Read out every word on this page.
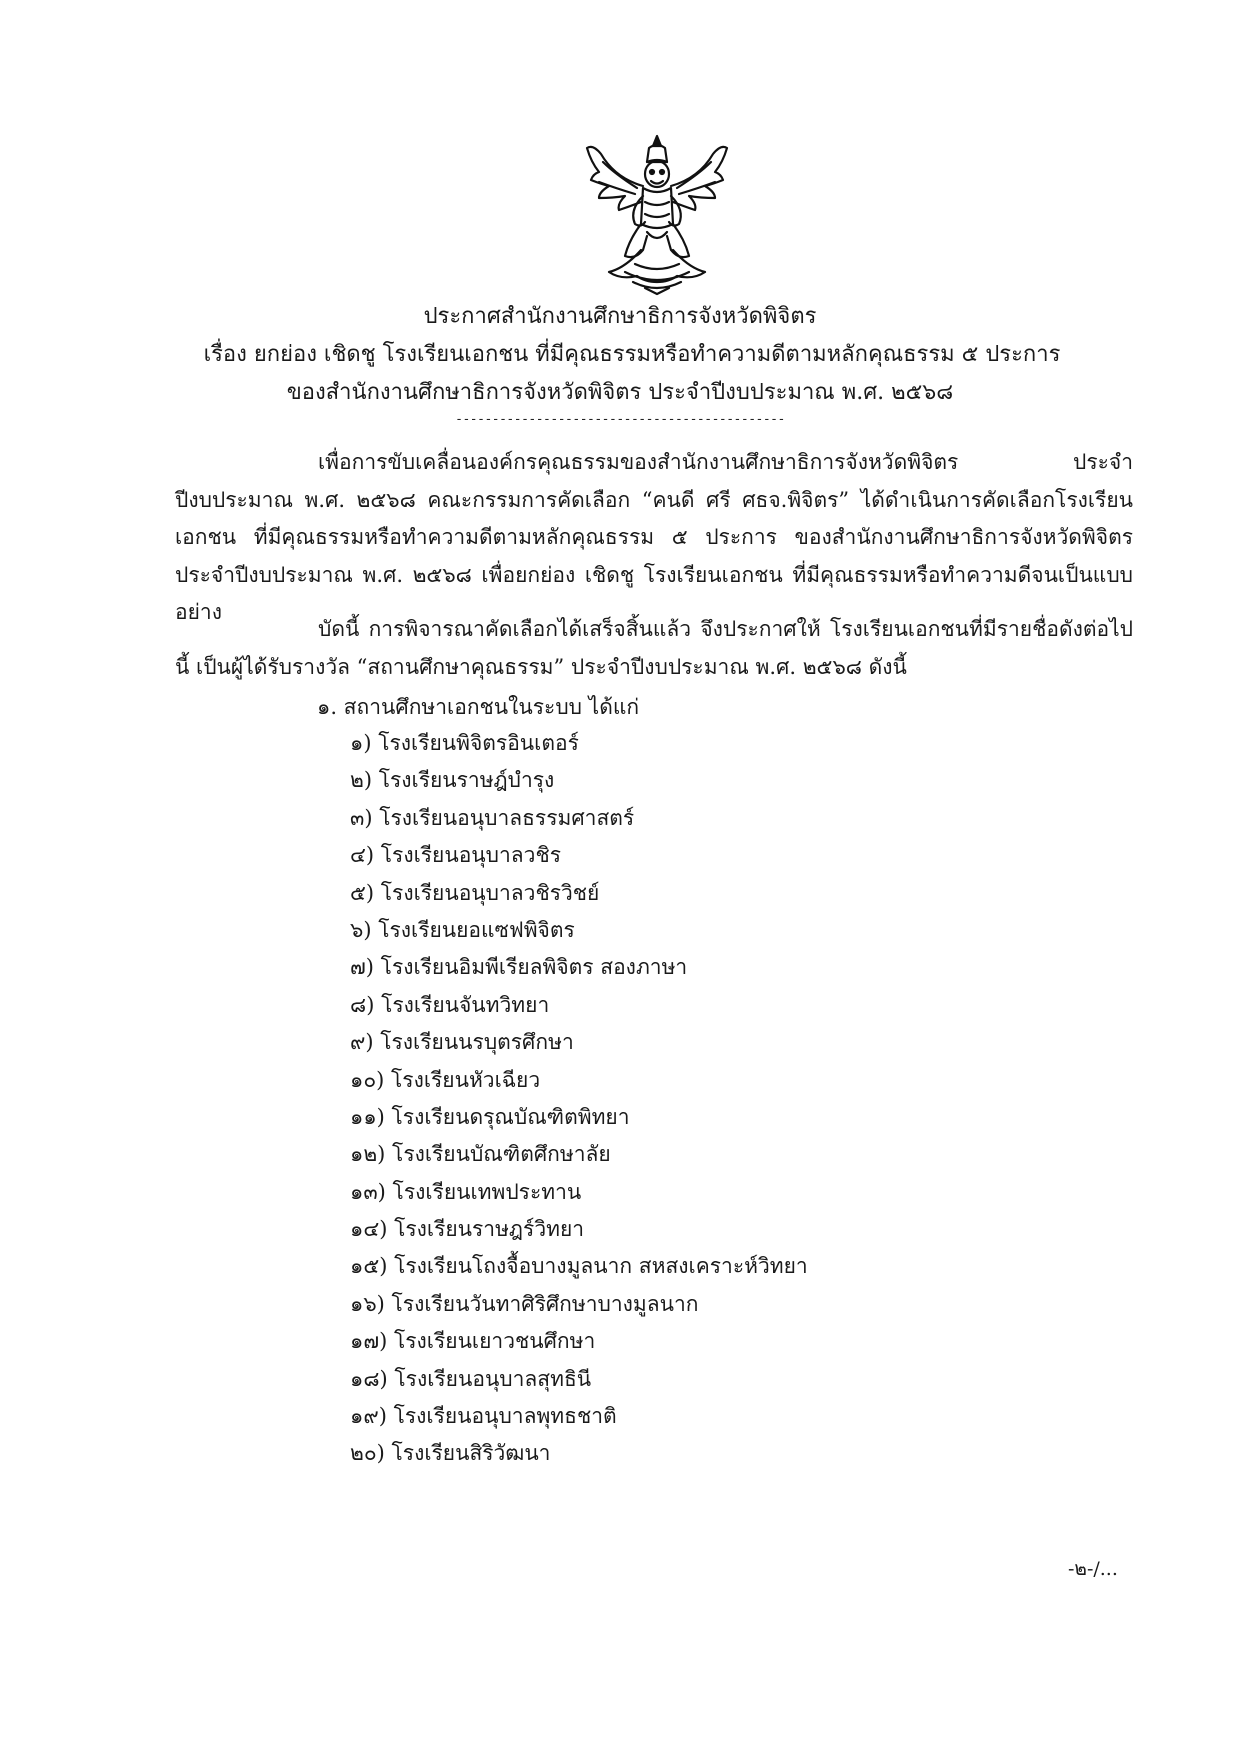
ประกาศสำนักงานศึกษาธิการจังหวัดพิจิตร
เรื่อง ยกย่อง เชิดชู โรงเรียนเอกชน ที่มีคุณธรรมหรือทำความดีตามหลักคุณธรรม ๕ ประการ
ของสำนักงานศึกษาธิการจังหวัดพิจิตร ประจำปีงบประมาณ พ.ศ. ๒๕๖๘
---------------------------------------------
เพื่อการขับเคลื่อนองค์กรคุณธรรมของสำนักงานศึกษาธิการจังหวัดพิจิตร ประจำปีงบประมาณ พ.ศ. ๒๕๖๘ คณะกรรมการคัดเลือก “คนดี ศรี ศธจ.พิจิตร” ได้ดำเนินการคัดเลือกโรงเรียนเอกชน ที่มีคุณธรรมหรือทำความดีตามหลักคุณธรรม ๕ ประการ ของสำนักงานศึกษาธิการจังหวัดพิจิตร ประจำปีงบประมาณ พ.ศ. ๒๕๖๘ เพื่อยกย่อง เชิดชู โรงเรียนเอกชน ที่มีคุณธรรมหรือทำความดีจนเป็นแบบอย่าง
บัดนี้ การพิจารณาคัดเลือกได้เสร็จสิ้นแล้ว จึงประกาศให้ โรงเรียนเอกชนที่มีรายชื่อดังต่อไปนี้ เป็นผู้ได้รับรางวัล “สถานศึกษาคุณธรรม” ประจำปีงบประมาณ พ.ศ. ๒๕๖๘ ดังนี้
๑. สถานศึกษาเอกชนในระบบ ได้แก่
๑) โรงเรียนพิจิตรอินเตอร์
๒) โรงเรียนราษฎ์บำรุง
๓) โรงเรียนอนุบาลธรรมศาสตร์
๔) โรงเรียนอนุบาลวชิร
๕) โรงเรียนอนุบาลวชิรวิชย์
๖) โรงเรียนยอแซฟพิจิตร
๗) โรงเรียนอิมพีเรียลพิจิตร สองภาษา
๘) โรงเรียนจันทวิทยา
๙) โรงเรียนนรบุตรศึกษา
๑๐) โรงเรียนหัวเฉียว
๑๑) โรงเรียนดรุณบัณฑิตพิทยา
๑๒) โรงเรียนบัณฑิตศึกษาลัย
๑๓) โรงเรียนเทพประทาน
๑๔) โรงเรียนราษฎร์วิทยา
๑๕) โรงเรียนโถงจื้อบางมูลนาก สหสงเคราะห์วิทยา
๑๖) โรงเรียนวันทาศิริศึกษาบางมูลนาก
๑๗) โรงเรียนเยาวชนศึกษา
๑๘) โรงเรียนอนุบาลสุทธินี
๑๙) โรงเรียนอนุบาลพุทธชาติ
๒๐) โรงเรียนสิริวัฒนา
-๒-/...
